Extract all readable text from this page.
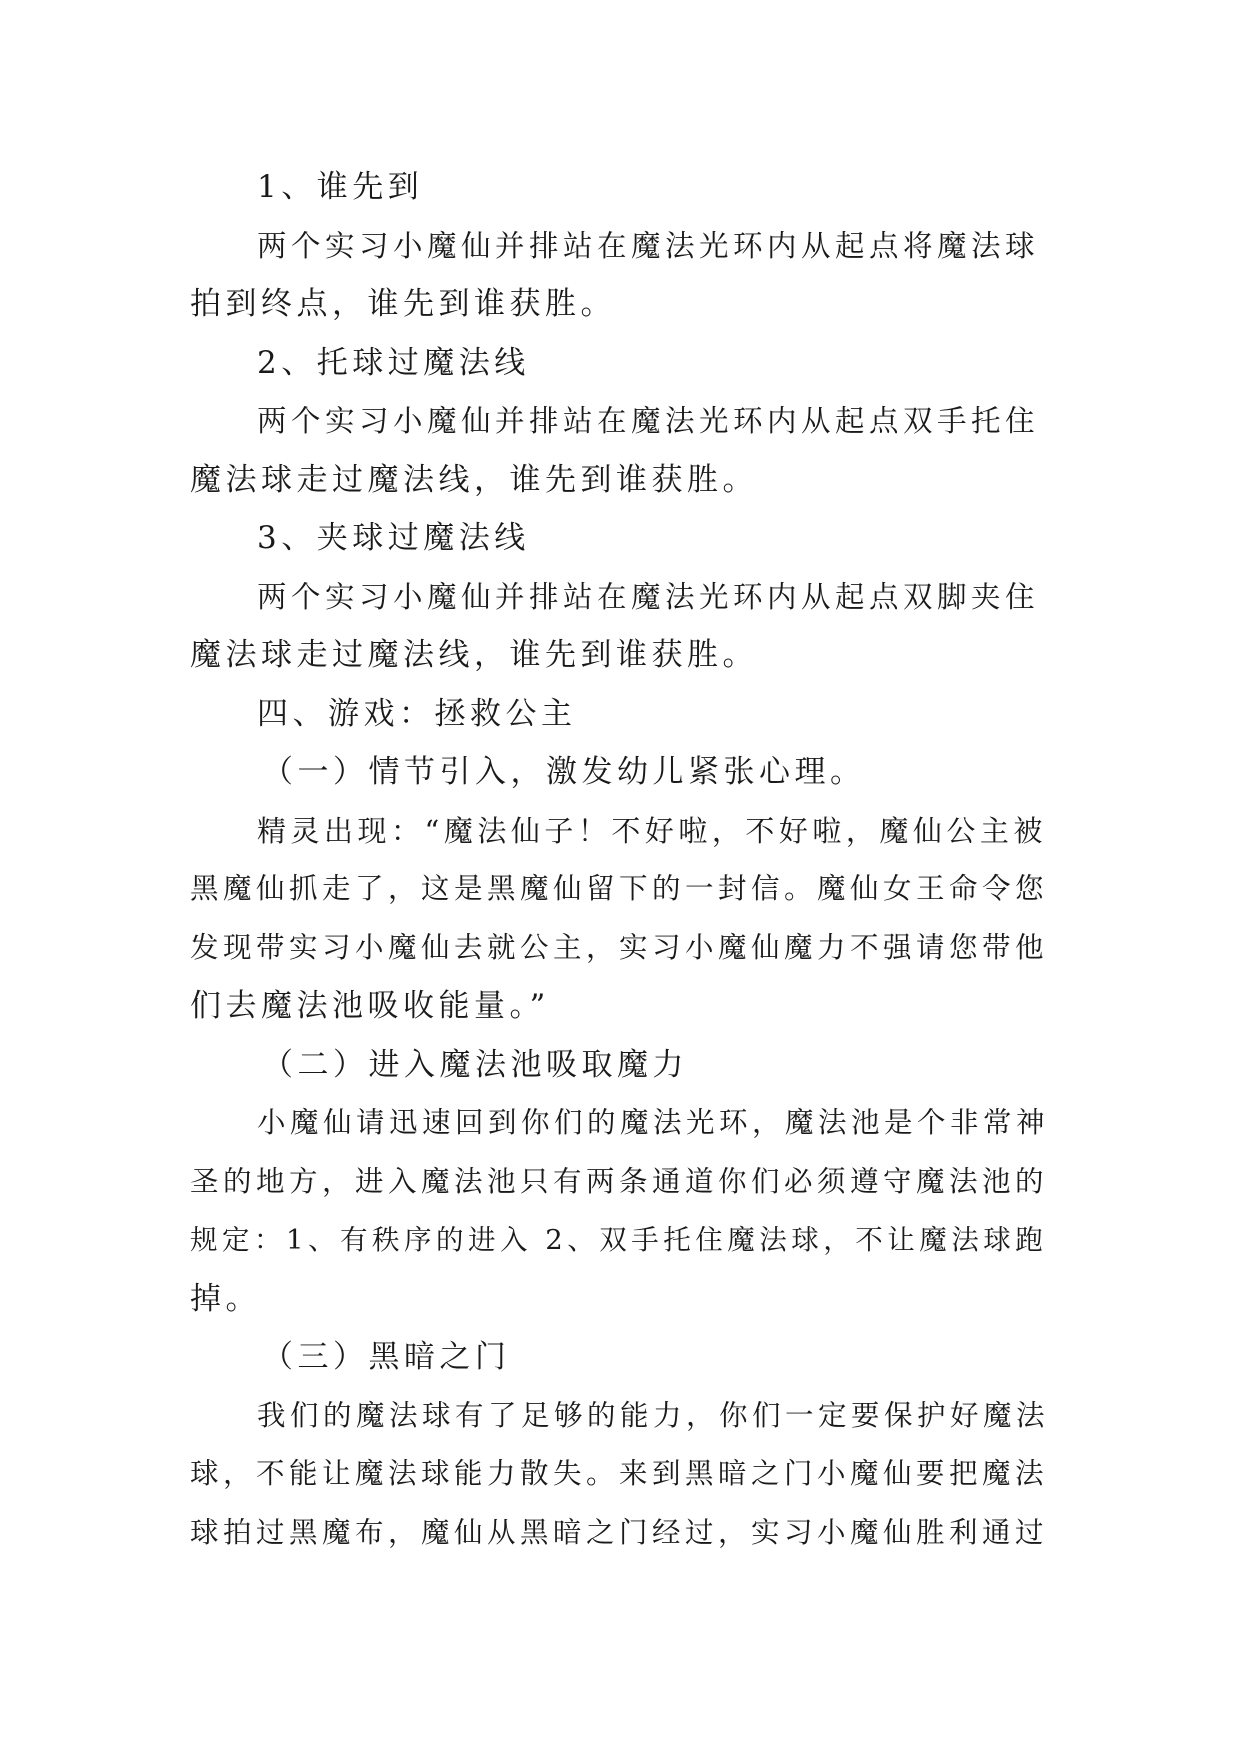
1、谁先到
两个实习小魔仙并排站在魔法光环内从起点将魔法球
拍到终点，谁先到谁获胜。
2、托球过魔法线
两个实习小魔仙并排站在魔法光环内从起点双手托住
魔法球走过魔法线，谁先到谁获胜。
3、夹球过魔法线
两个实习小魔仙并排站在魔法光环内从起点双脚夹住
魔法球走过魔法线，谁先到谁获胜。
四、游戏：拯救公主
（一）情节引入，激发幼儿紧张心理。
精灵出现：“魔法仙子！不好啦，不好啦，魔仙公主被
黑魔仙抓走了，这是黑魔仙留下的一封信。魔仙女王命令您
发现带实习小魔仙去就公主，实习小魔仙魔力不强请您带他
们去魔法池吸收能量。”
（二）进入魔法池吸取魔力
小魔仙请迅速回到你们的魔法光环，魔法池是个非常神
圣的地方，进入魔法池只有两条通道你们必须遵守魔法池的
规定：1、有秩序的进入 2、双手托住魔法球，不让魔法球跑
掉。
（三）黑暗之门
我们的魔法球有了足够的能力，你们一定要保护好魔法
球，不能让魔法球能力散失。来到黑暗之门小魔仙要把魔法
球拍过黑魔布，魔仙从黑暗之门经过，实习小魔仙胜利通过
